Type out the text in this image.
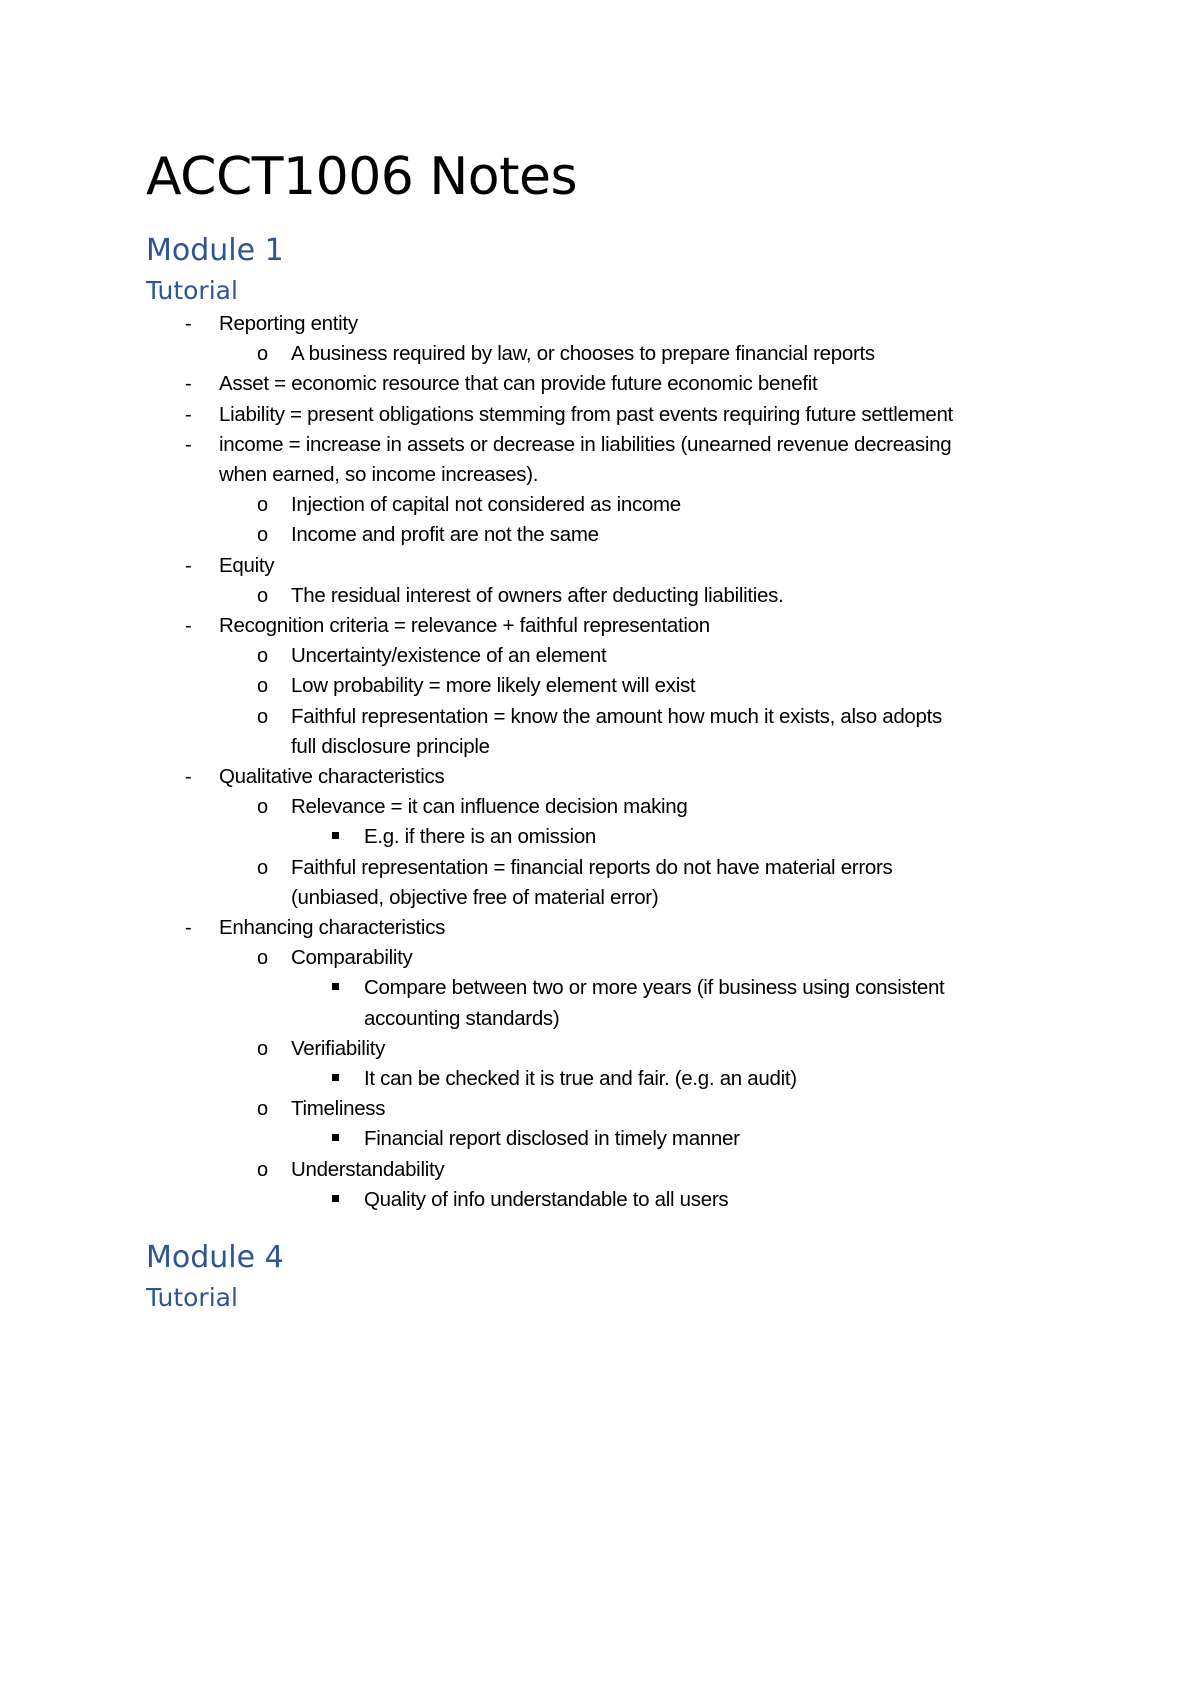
ACCT1006 Notes
Module 1
Tutorial
- Reporting entity
o A business required by law, or chooses to prepare financial reports
- Asset = economic resource that can provide future economic benefit
- Liability = present obligations stemming from past events requiring future settlement
- income = increase in assets or decrease in liabilities (unearned revenue decreasing
when earned, so income increases).
o Injection of capital not considered as income
o Income and profit are not the same
- Equity
o The residual interest of owners after deducting liabilities.
- Recognition criteria = relevance + faithful representation
o Uncertainty/existence of an element
o Low probability = more likely element will exist
o Faithful representation = know the amount how much it exists, also adopts
full disclosure principle
- Qualitative characteristics
o Relevance = it can influence decision making
E.g. if there is an omission
o Faithful representation = financial reports do not have material errors
(unbiased, objective free of material error)
- Enhancing characteristics
o Comparability
Compare between two or more years (if business using consistent
accounting standards)
o Verifiability
It can be checked it is true and fair. (e.g. an audit)
o Timeliness
Financial report disclosed in timely manner
o Understandability
Quality of info understandable to all users
Module 4
Tutorial
